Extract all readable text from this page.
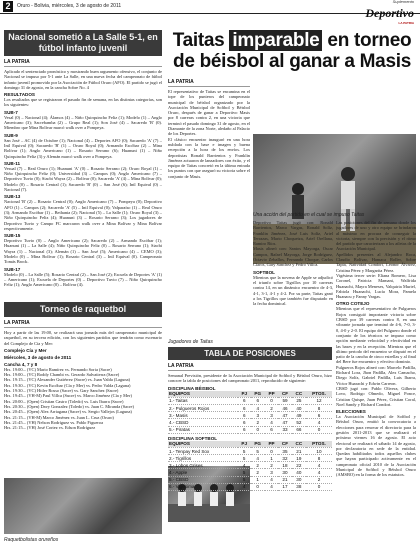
2	Oruro - Bolivia, miércoles, 3 de agosto de 2011
Suplemento
Deportivo
LA PATRIA
Nacional sometió a La Salle 5-1, en fútbol infanto juvenil
LA PATRIA

Aplicado el sentenciado pronóstico y mostrando buen argumento ofensivo, el conjunto de Nacional se impuso por 5-1 ante La Salle, en una nueva fecha del campeonato de fútbol infanto juvenil promovido por la Asociación de Fútbol Oruro (AFO). El partido se jugó el domingo 31 de agosto, en la cancha Sobre No. 4

RESULTADOS

Los resultados que se registraron el pasado fin de semana, en las distintas categorías, son los siguientes:

SUB-7

Vesal (0) – Nacional (4); Álamos (4) – Niño Quirquincho Feliz (1); Modelo (1) – Anglo Americano (3); Sacrebamba (2) – Grupo Real (1); Son José (4) – Sacaredo 'B' (0). Miembro que Mina Bolívar marcó walk over a Pompeya.

SUB-9

San José – AC (4) de Octubre (1); Nacional (4) – Deportes AFO (0); Sacaredo 'A' (7) – Intl Equival (0); Sacaredo 'B' (1) – Oruro Royal (0); Armando Escóbar (2) – Mina Bolívar (1); Anglo Americano (1) – Rosario Serrano (6); Huanuni (1) – Niño Quirquincho Feliz (3) y Alemán marcó walk over a Pompeya.

SUB-11

Vesual (7) – Real Oruro (1); Huanuni 'A' (0) – Rosario Serrano (2); Oruro Royal (1) – Niño Quirquincho Feliz (0); Universidad (3) – Campos (0); Anglo Americano (7) – Deportivo Tuvio (0); Siacbi Wayra (2) – Bolívar (0); Sacaredo 'A' (4) – Mina Bolívar (0); Modelo (0) – Rosario Central (1); Sacaredo 'B' (0) – San José (6); Intl Equival (0) – Nacional (7).

SUB-13

Nacional 'B' (2) – Rosario Central (0); Anglo Americano (7) – Pompeya (0); Deportivo AFO (1) – Campos (2); Sacaredo 'A' (5) – Intl Equival (0); Valparaíso (1) – Real Oruro (3); Armando Escóbar (1) – Bethania (2); Nacional (5) – La Salle (1); Oruro Royal (3) – Niño Quirquincho Feliz (4); Huanuni (3) – Rosario Serrano (3); Los jugadores de Deportivo Tuvio y Campo FC marcaron walk over a Mina Bolívar y Mina Bolívar respectivamente.

SUB-15

Deportivo Tuvio (0) – Anglo Americano (2); Sacaredo (2) – Armando Escóbar (1); Huanuni (1) – La Salle (4); Niño Quirquincho Feliz (0) – Rosario Serrano (1); Siacbi Wayra (1) – Nacional (3); Alemán (1) – San José (5); Americano (4) – CEMO (3); Modelo (0) – Mina Bolívar (1); Rosario Central (3) – Intl Equival (0). Campeonato Tomás Brock.

SUB-17

Modelo (0) – La Salle (5); Rosario Central (2) – San José (2); Escuela de Deportes 'A' (1) – Americano (1); Escuela de Deportes (0) – Deportivo Tuvio (7) – Niño Quirquincho Feliz (1); Anglo Americano (0) – Bolívar (4).

Torneo de raquetbol
LA PATRIA

Hoy a partir de las 19:00, se realizará una jornada más del campeonato municipal de raquetbol, en su tercera edición, con los siguientes partidos que tendrán como escenario del Complejo de Cía y Mer:

Complejo Cía y Mer
Miércoles, 3 de agosto de 2011
Cancha 4, 7 y 8

Hrs. 19:00.– (VC) Mario Ramírez vs. Fernando Soria (Sacre)

Hrs. 19:00.– (VC) Roddy Chambi vs. Gerardo Salvatierra (Sacre)

Hrs. 19:15.– (VC) Alexander Gutiérrez (Sacre) vs. Juan Valda (Laguna)

Hrs. 19:30.– (VC) Kevin Escóbar (Cía y Mer) vs. Pedro Valda (Laguna)

Hrs. 19:30.– (VC) Hitler Rosso (Sacre) vs. Gary Sanchez (Sacre)

Hrs. 19:45.– (VH-M) Paul Villca (Sucre) vs. Marco Jiménez (Cía y Mer)

Hrs. 20:00.– (Open) Cristian Castro (Toledo) vs. Luis Ibarra (Sacre)

Hrs. 20:30.– (Open) Davy Gonzalez (Toledo) vs. Juan C. Miranda (Sacre)

Hrs. 20:45.– (Open) Alex Arriagana (Sacre) vs. Sergio Vallejos (Laguna)

Hrs. 21:15.– (VH-M) Marco Jiménez vs. Juan L. Cruz (Oruro)

Hrs. 21:45.– (VH) Nelson Rodríguez vs. Pablo Figueroa

Hrs. 21:15.– (VH) José Cortez vs. Edson Rodríguez

Raquetbolistas orureños
Taitas imparable en torneo de béisbol al ganar a Masis
LA PATRIA

El representativo de Taitas se encamina en el tope de los punteros del campeonato municipal de béisbol organizado por la Asociación Municipal de Softbol y Béisbol Oruro, después de ganar a Deportivo Masis por 8 carreras contra 2, en una victoria que terminó el pasado domingo 31 de agosto, en el Diamante de la zona Norte, aledaño al Palacio de los Deportes.

El clásico encuentro inauguró en una hora nublada con la base e imagen y buena recepción a la hora de los envíos. Los deportistas Ronald Barrientos y Franklin Jiménez actuaron de lanzadores con éxito, y el equipo de Taitas concretó en la última entrada los puntos con que aseguró su victoria sobre el conjunto de Masis.

Una acción del partido en el cual se impuso Taitas

Deportivo Taitas jugó con: Ronald Barrientos, Marco Vargas, Ronald Solíz, Franklin Jiménez, José Luis Solíz, Ariel Terrazas, Mario Choqueiza, Ariel Orellana, Ramiro Ríos.

Masis alineó con: Santos Mayorga, Oscar Campos, Rafael Mayorga, Jorge Rodríguez, Octavio Zeballos, Fernando Choque, Carlos Claros, Gary Sanchez y Pedro Villca.

SOFTBOL

Mientras que la novena de Apple se adjudicó el triunfo sobre Tigrillos por 10 carreras contra 14, en un dinámico encuentro de 4-3, 4-1, 3-1, 4-1 y 4-2. Por su parte, Taitas ganó a los Tigrillos que también fue disputado en la fecha dominical.

Las posiciones del fin de semana donde los jugadores de uno y otro equipo se brindaron al máximo en procura de conseguir la victoria, siempre con la precisión y el ritmo del partido que caracterizan a los atletas de la Asociación Municipal.

Apellidos presentes al Alejandro Roca, Claudio Bolívar, Hamaca Roller, Sobre Tapia, Natividad Condori, Leonor Álvarez, Cristina Pérez y Margarita Pérez.

Vigésima tercer serie: Eliana Romero, Lisa Coronel, Patricia Mamani, Walfrida Huanachi, Mayra Meneses, Valquiria Muriel, Fabiola Huanachi, Lucía Mora, Pamela Huanacu y Fanny Vargas.

OTRO COTEJO

Mientras que el representativo de Pulgueros Rojos consiguió importante victoria sobre CBSD por 39 carreras contra 8, en una vibrante jornada que terminó de 4-6, 7-0, 3-0, 4-0 y 2-0. El equipo del Pulguero donde el conjunto de los técnicos se impuso como opción mediante velocidad y efectividad en las bases y en la recepción. Mientras que el último periodo del encuentro se disputó en el patio de la cancha de cinco estrellas y al final del Bere fue encuentro y efectivo dominio.

Pulgueros Rojos alineó con: Marcelo Padilla, Richard Lora, Jhon Padilla, Alex Camacho, Diego Solíz, Gabriel Padilla, Luis Ibarra, Víctor Huarachi y Edwin Carreon.

CBSD jugó con: Pablo Olivera, Gilberto Lovo, Rodrigo Olmedo, Miguel Ponce, Cristian Quispe, Juan Pérez, Cristian Coral, Noel Sandy y Richard Condori.

ELECCIONES

La Asociación Municipal de Softbol y Béisbol Oruro, emitió la convocatoria a elecciones para renovar el directorio para la gestión 2011-2013 que se realizará el próximo viernes 16 de agosto. El acto electoral se realizará el sábado 14 de agosto, por declaratoria en sede de la entidad. Quedan habilitados todos aquellos clubes que hayan participado activamente en el campeonato oficial 2010 de la Asociación Municipal de Softbol y Béisbol Oruro (AMSBO) en la forma de los estatutos.

Jugadores de Taitas
TABLA DE POSICIONES
LA PATRIA

Semanal Previsión, presidente de la Asociación Municipal de Softbol y Béisbol Oruro, hizo conocer la tabla de posiciones del campeonato 2011, reproducido de siguiente:

DISCIPLINA BÉISBOL
EQUIPOS	PJ	PG	PP	CF	CC	PTOS.
1.- Taitas	6	6	0	59	25	12
2.- Pulgueros Rojos	6	4	2	46	40	8
3.- Masis	6	3	3	47	49	6
4.- CBSD	6	2	4	47	52	4
5.- Piratas	6	0	6	33	66	0
DISCIPLINA SOFTBOL
EQUIPOS	PJ	PG	PP	CF	CC	PTOS.
1.- Tenpay Red Sox	5	5	0	35	21	10
2.- Tigrillos	5	4	1	32	19	8
3.- Lobos Grises	4	2	2	18	22	4
4.- Apple	5	2	3	30	40	4
5.- CBSD	5	1	4	21	30	2
6.- Vigésima	4	0	4	17	38	0
